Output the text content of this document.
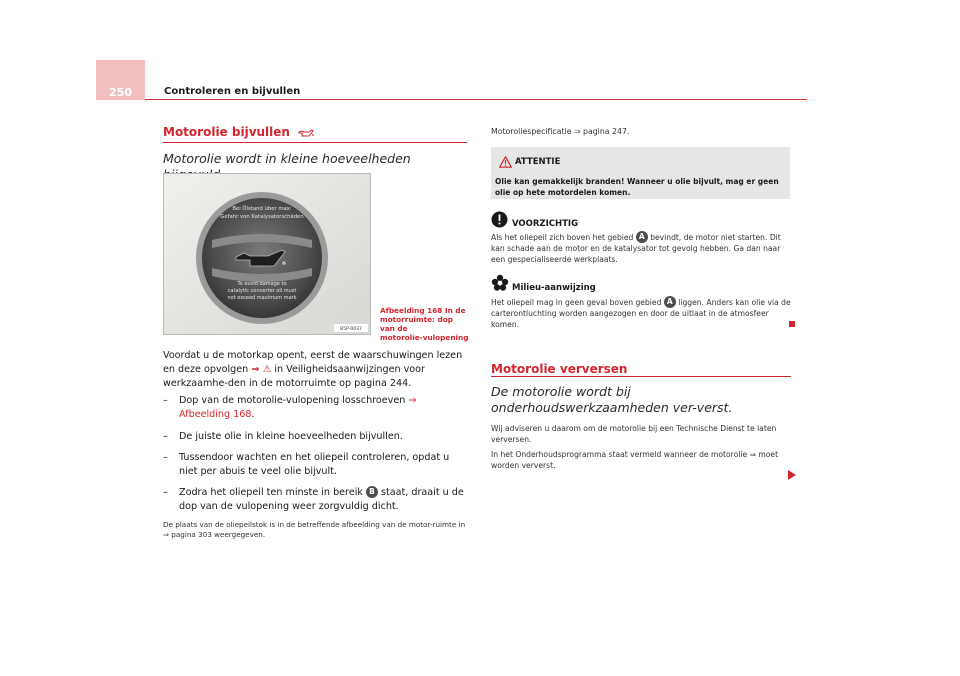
250	Controleren en bijvullen
Motorolie bijvullen
Motorolie wordt in kleine hoeveelheden
Bei Ölstand über max:
Gefahr von Katalysatorschäden
To avoid damage to
catalytic converter oil must
not exceed maximum mark
B5P-0037
Afbeelding 168 In de
motorruimte: dop van de
motorolie-vulopening
Voordat u de motorkap opent, eerst de waarschuwingen lezen en deze opvolgen ⇒ ⚠ in Veiligheidsaanwijzingen voor werkzaamhe-den in de motorruimte op pagina 244.
–	Dop van de motorolie-vulopening losschroeven ⇒ Afbeelding 168.
–	De juiste olie in kleine hoeveelheden bijvullen.
–	Tussendoor wachten en het oliepeil controleren, opdat u niet per abuis te veel olie bijvult.
–	Zodra het oliepeil ten minste in bereik B staat, draait u de dop van de vulopening weer zorgvuldig dicht.
De plaats van de oliepeilstok is in de betreffende afbeelding van de motor-ruimte in ⇒ pagina 303 weergegeven.
Motoroliespecificatie ⇒ pagina 247.
ATTENTIE
Olie kan gemakkelijk branden! Wanneer u olie bijvult, mag er geen olie op hete motordelen komen.
VOORZICHTIG
Als het oliepeil zich boven het gebied A bevindt, de motor niet starten. Dit kan schade aan de motor en de katalysator tot gevolg hebben. Ga dan naar een gespecialiseerde werkplaats.
Milieu-aanwijzing
Het oliepeil mag in geen geval boven gebied A liggen. Anders kan olie via de carterontluchting worden aangezogen en door de uitlaat in de atmosfeer komen.
Motorolie verversen
De motorolie wordt bij onderhoudswerkzaamheden ver-verst.

Wij adviseren u daarom om de motorolie bij een Technische Dienst te laten verversen.

In het Onderhoudsprogramma staat vermeld wanneer de motorolie ⇒ moet worden ververst.
